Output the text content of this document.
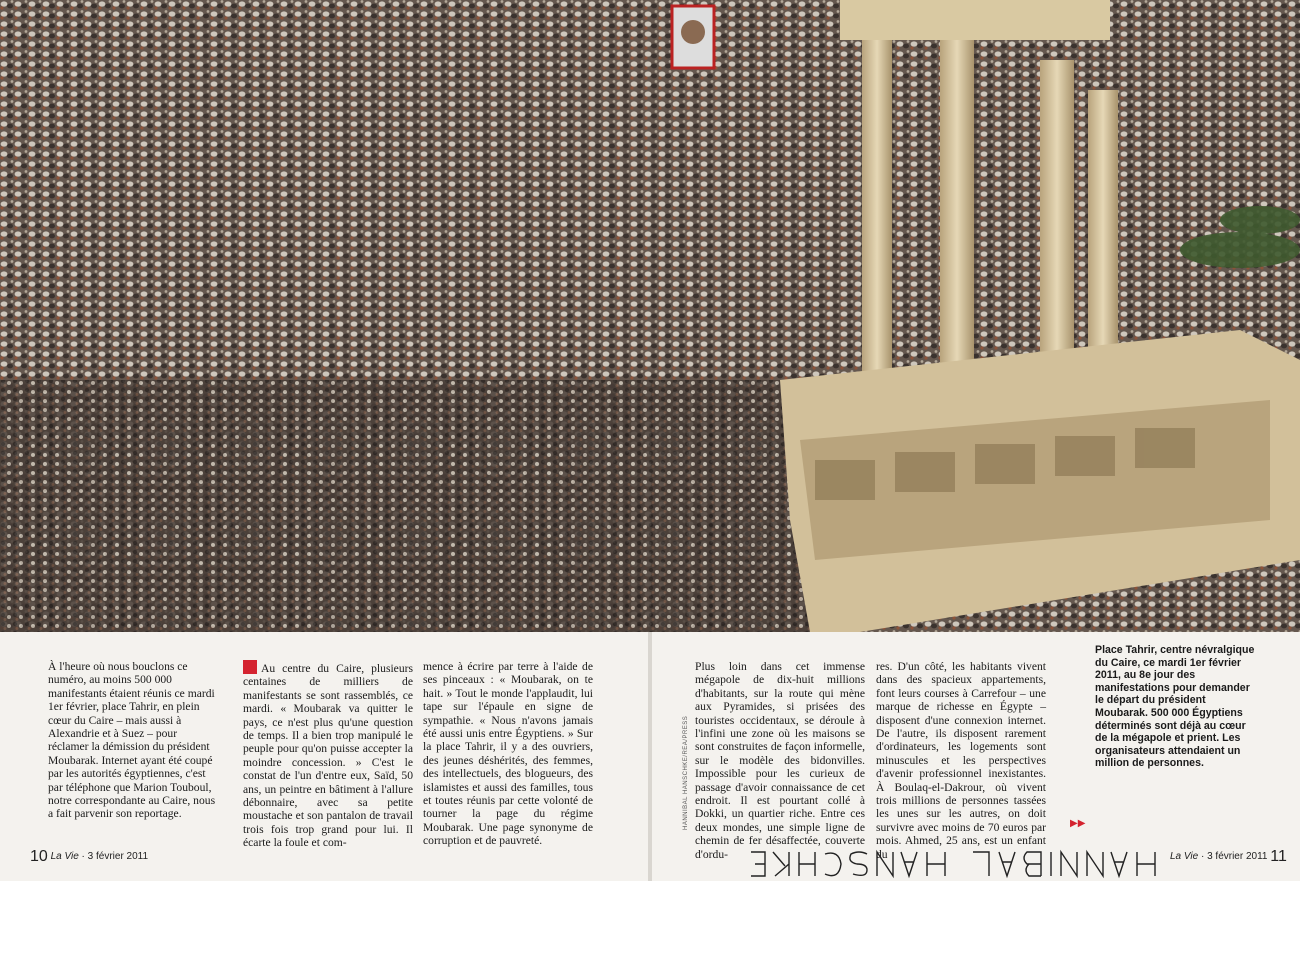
À l'heure où nous bouclons ce numéro, au moins 500 000 manifestants étaient réunis ce mardi 1er février, place Tahrir, en plein cœur du Caire – mais aussi à Alexandrie et à Suez – pour réclamer la démission du président Moubarak. Internet ayant été coupé par les autorités égyptiennes, c'est par téléphone que Marion Touboul, notre correspondante au Caire, nous a fait parvenir son reportage.

Au centre du Caire, plusieurs centaines de milliers de manifestants se sont rassemblés, ce mardi. « Moubarak va quitter le pays, ce n'est plus qu'une question de temps. Il a bien trop manipulé le peuple pour qu'on puisse accepter la moindre concession. » C'est le constat de l'un d'entre eux, Saïd, 50 ans, un peintre en bâtiment à l'allure débonnaire, avec sa petite moustache et son pantalon de travail trois fois trop grand pour lui. Il écarte la foule et com-

mence à écrire par terre à l'aide de ses pinceaux : « Moubarak, on te hait. » Tout le monde l'applaudit, lui tape sur l'épaule en signe de sympathie. « Nous n'avons jamais été aussi unis entre Égyptiens. » Sur la place Tahrir, il y a des ouvriers, des jeunes déshérités, des femmes, des intellectuels, des blogueurs, des islamistes et aussi des familles, tous et toutes réunis par cette volonté de tourner la page du régime Moubarak. Une page synonyme de corruption et de pauvreté.

Plus loin dans cet immense mégapole de dix-huit millions d'habitants, sur la route qui mène aux Pyramides, si prisées des touristes occidentaux, se déroule à l'infini une zone où les maisons se sont construites de façon informelle, sur le modèle des bidonvilles. Impossible pour les curieux de passage d'avoir connaissance de cet endroit. Il est pourtant collé à Dokki, un quartier riche. Entre ces deux mondes, une simple ligne de chemin de fer désaffectée, couverte d'ordu-

res. D'un côté, les habitants vivent dans des spacieux appartements, font leurs courses à Carrefour – une marque de richesse en Égypte – disposent d'une connexion internet. De l'autre, ils disposent rarement d'ordinateurs, les logements sont minuscules et les perspectives d'avenir professionnel inexistantes. À Boulaq-el-Dakrour, où vivent trois millions de personnes tassées les unes sur les autres, on doit survivre avec moins de 70 euros par mois. Ahmed, 25 ans, est un enfant du

HANNIBAL HANSCHKE/REA/PRESS	▶▶
Place Tahrir, centre névralgique du Caire, ce mardi 1er février 2011, au 8e jour des manifestations pour demander le départ du président Moubarak. 500 000 Égyptiens déterminés sont déjà au cœur de la mégapole et prient. Les organisateurs attendaient un million de personnes.
10 La Vie · 3 février 2011	La Vie · 3 février 2011 11
